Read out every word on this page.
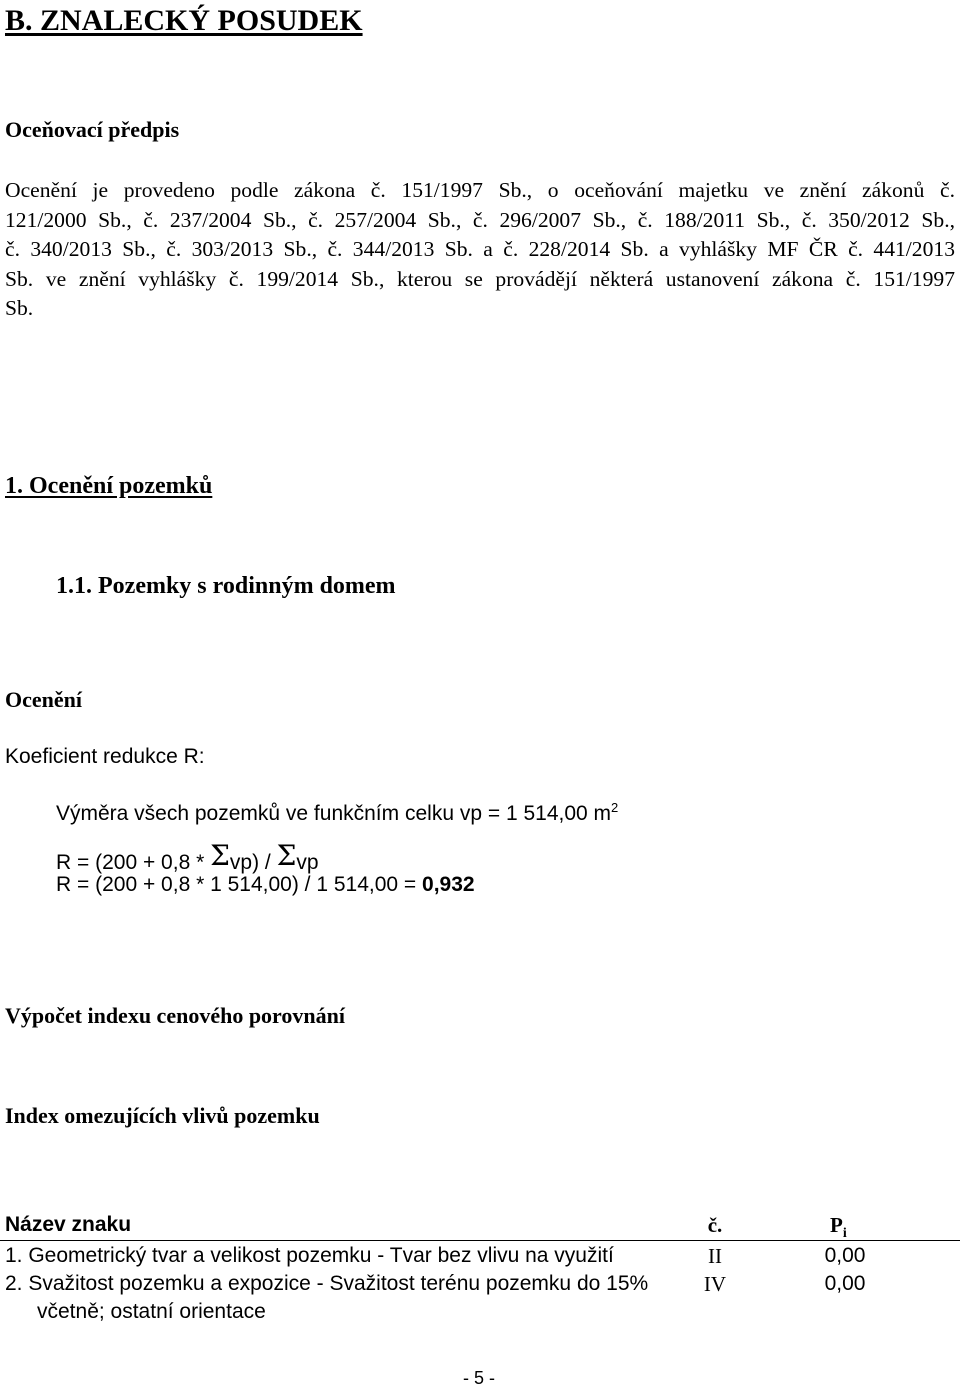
B. ZNALECKÝ POSUDEK
Oceňovací předpis
Ocenění je provedeno podle zákona č. 151/1997 Sb., o oceňování majetku ve znění zákonů č.
121/2000 Sb., č. 237/2004 Sb., č. 257/2004 Sb., č. 296/2007 Sb., č. 188/2011 Sb., č. 350/2012 Sb.,
č. 340/2013 Sb., č. 303/2013 Sb., č. 344/2013 Sb. a č. 228/2014 Sb. a vyhlášky MF ČR č. 441/2013
Sb. ve znění vyhlášky č. 199/2014 Sb., kterou se provádějí některá ustanovení zákona č. 151/1997
Sb.
1. Ocenění pozemků
1.1. Pozemky s rodinným domem
Ocenění
Koeficient redukce R:
Výměra všech pozemků ve funkčním celku vp = 1 514,00 $m^2$
R = (200 + 0,8 * Σvp) / Σvp
R = (200 + 0,8 * 1 514,00) / 1 514,00 = 0,932
Výpočet indexu cenového porovnání
Index omezujících vlivů pozemku
Název znaku	č.	$P_i$
1. Geometrický tvar a velikost pozemku - Tvar bez vlivu na využití	II	0,00
2. Svažitost pozemku a expozice - Svažitost terénu pozemku do 15%	IV	0,00
včetně; ostatní orientace
- 5 -
